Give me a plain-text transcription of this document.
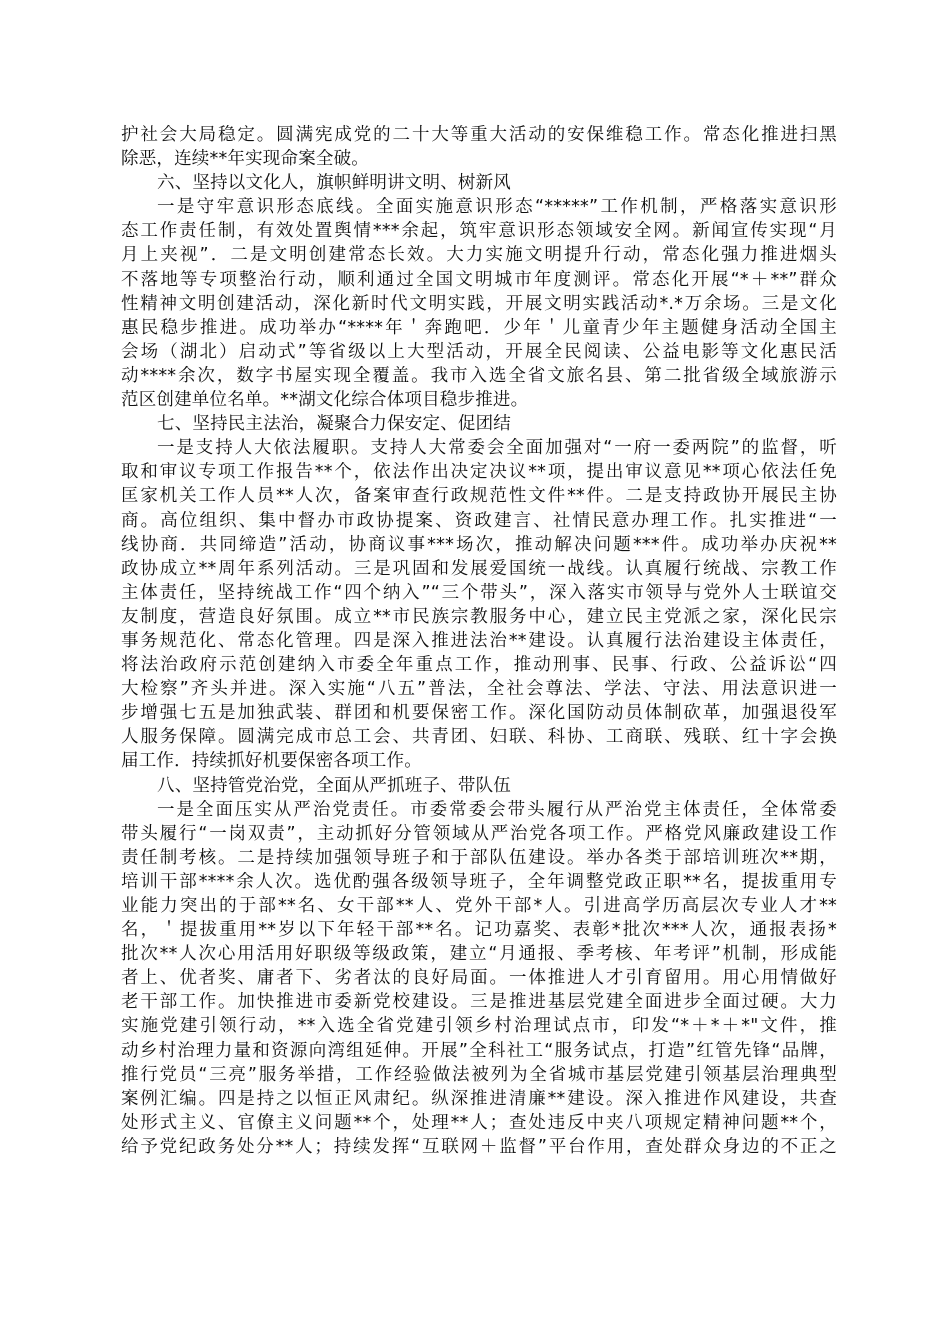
护社会大局稳定。圆满宪成党的二十大等重大活动的安保维稳工作。常态化推进扫黑
除恶，连续**年实现命案全破。
六、坚持以文化人，旗帜鲜明讲文明、树新风
一是守牢意识形态底线。全面实施意识形态“*****”工作机制，严格落实意识形
态工作责任制，有效处置舆情***余起，筑牢意识形态领域安全网。新闻宣传实现“月
月上夹视”．二是文明创建常态长效。大力实施文明提升行动，常态化强力推进烟头
不落地等专项整治行动，顺利通过全国文明城市年度测评。常态化开展“*＋**”群众
性精神文明创建活动，深化新时代文明实践，开展文明实践活动*.*万余场。三是文化
惠民稳步推进。成功举办“****年＇奔跑吧．少年＇儿童青少年主题健身活动全国主
会场（湖北）启动式”等省级以上大型活动，开展全民阅读、公益电影等文化惠民活
动****余次，数字书屋实现全覆盖。我市入选全省文旅名县、第二批省级全域旅游示
范区创建单位名单。**湖文化综合体项目稳步推进。
七、坚持民主法治，凝聚合力保安定、促团结
一是支持人大依法履职。支持人大常委会全面加强对“一府一委两院”的监督，听
取和审议专项工作报告**个，依法作出决定决议**项，提出审议意见**项心依法任免
匡家机关工作人员**人次，备案审查行政规范性文件**件。二是支持政协开展民主协
商。高位组织、集中督办市政协提案、资政建言、社情民意办理工作。扎实推进“一
线协商．共同缔造”活动，协商议事***场次，推动解决问题***件。成功举办庆祝**
政协成立**周年系列活动。三是巩固和发展爱国统一战线。认真履行统战、宗教工作
主体责任，坚持统战工作“四个纳入”“三个带头”，深入落实市领导与党外人士联谊交
友制度，营造良好氛围。成立**市民族宗教服务中心，建立民主党派之家，深化民宗
事务规范化、常态化管理。四是深入推进法治**建设。认真履行法治建设主体责任，
将法治政府示范创建纳入市委全年重点工作，推动刑事、民事、行政、公益诉讼“四
大检察”齐头并进。深入实施“八五”普法，全社会尊法、学法、守法、用法意识进一
步增强七五是加独武装、群团和机要保密工作。深化国防动员体制砍革，加强退役军
人服务保障。圆满完成市总工会、共青团、妇联、科协、工商联、残联、红十字会换
届工作．持续抓好机要保密各项工作。
八、坚持管党治党，全面从严抓班子、带队伍
一是全面压实从严治党责任。市委常委会带头履行从严治党主体责任，全体常委
带头履行“一岗双责”，主动抓好分管领域从严治党各项工作。严格党风廉政建设工作
责任制考核。二是持续加强领导班子和于部队伍建设。举办各类于部培训班次**期，
培训干部****余人次。选优酌强各级领导班子，全年调整党政正职**名，提拔重用专
业能力突出的于部**名、女干部**人、党外干部*人。引进高学历高层次专业人才**
名，＇提拔重用**岁以下年轻干部**名。记功嘉奖、表彰*批次***人次，通报表扬*
批次**人次心用活用好职级等级政策，建立“月通报、季考核、年考评”机制，形成能
者上、优者奖、庸者下、劣者汰的良好局面。一体推进人才引育留用。用心用情做好
老干部工作。加快推进市委新党校建设。三是推进基层党建全面进步全面过硬。大力
实施党建引领行动，**入选全省党建引领乡村治理试点市，印发“*＋*＋*"文件，推
动乡村治理力量和资源向湾组延伸。开展”全科社工“服务试点，打造”红管先锋“品牌，
推行党员“三亮”服务举措，工作经验做法被列为全省城市基层党建引领基层治理典型
案例汇编。四是持之以恒正风肃纪。纵深推进清廉**建设。深入推进作风建设，共查
处形式主义、官僚主义问题**个，处理**人；查处违反中夹八项规定精神问题**个，
给予党纪政务处分**人；持续发挥“互联网＋监督”平台作用，查处群众身边的不正之
